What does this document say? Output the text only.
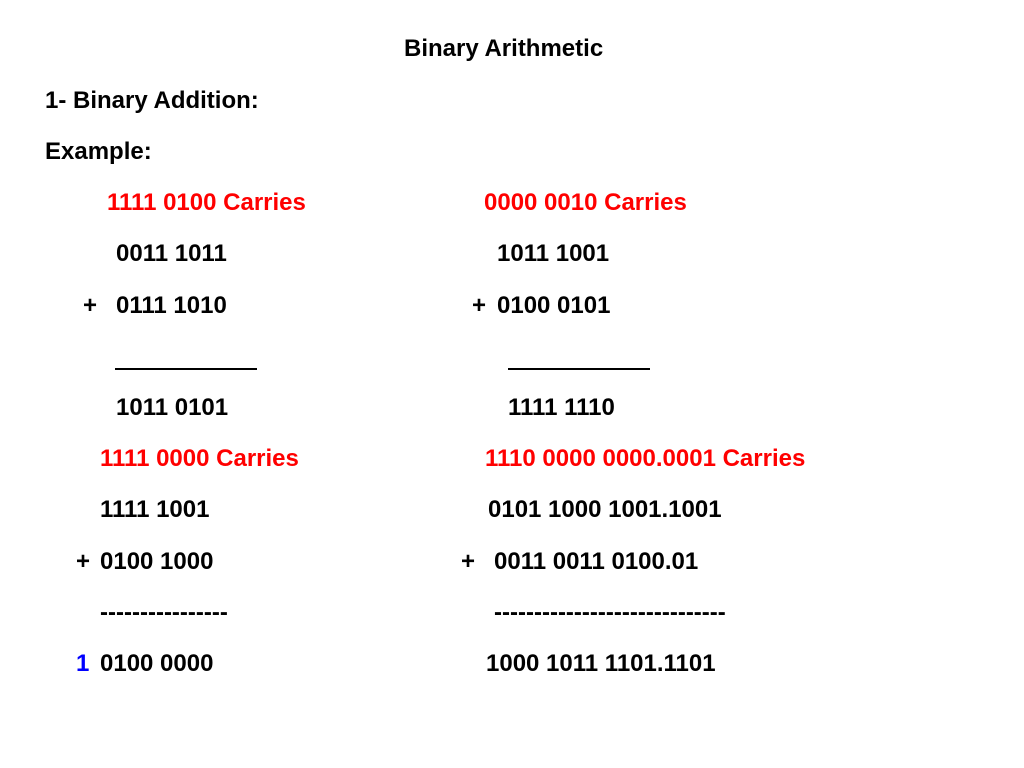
Binary Arithmetic
1- Binary Addition:
Example:
1111 0100 Carries
0011 1011
+ 0111 1010
1011 0101
0000 0010 Carries
1011 1001
+ 0100 0101
1111 1110
1111 0000 Carries
1111 1001
+ 0100 1000
----------------
1 0100 0000
1110 0000 0000.0001 Carries
0101 1000 1001.1001
+ 0011 0011 0100.01
-----------------------------
1000 1011 1101.1101
